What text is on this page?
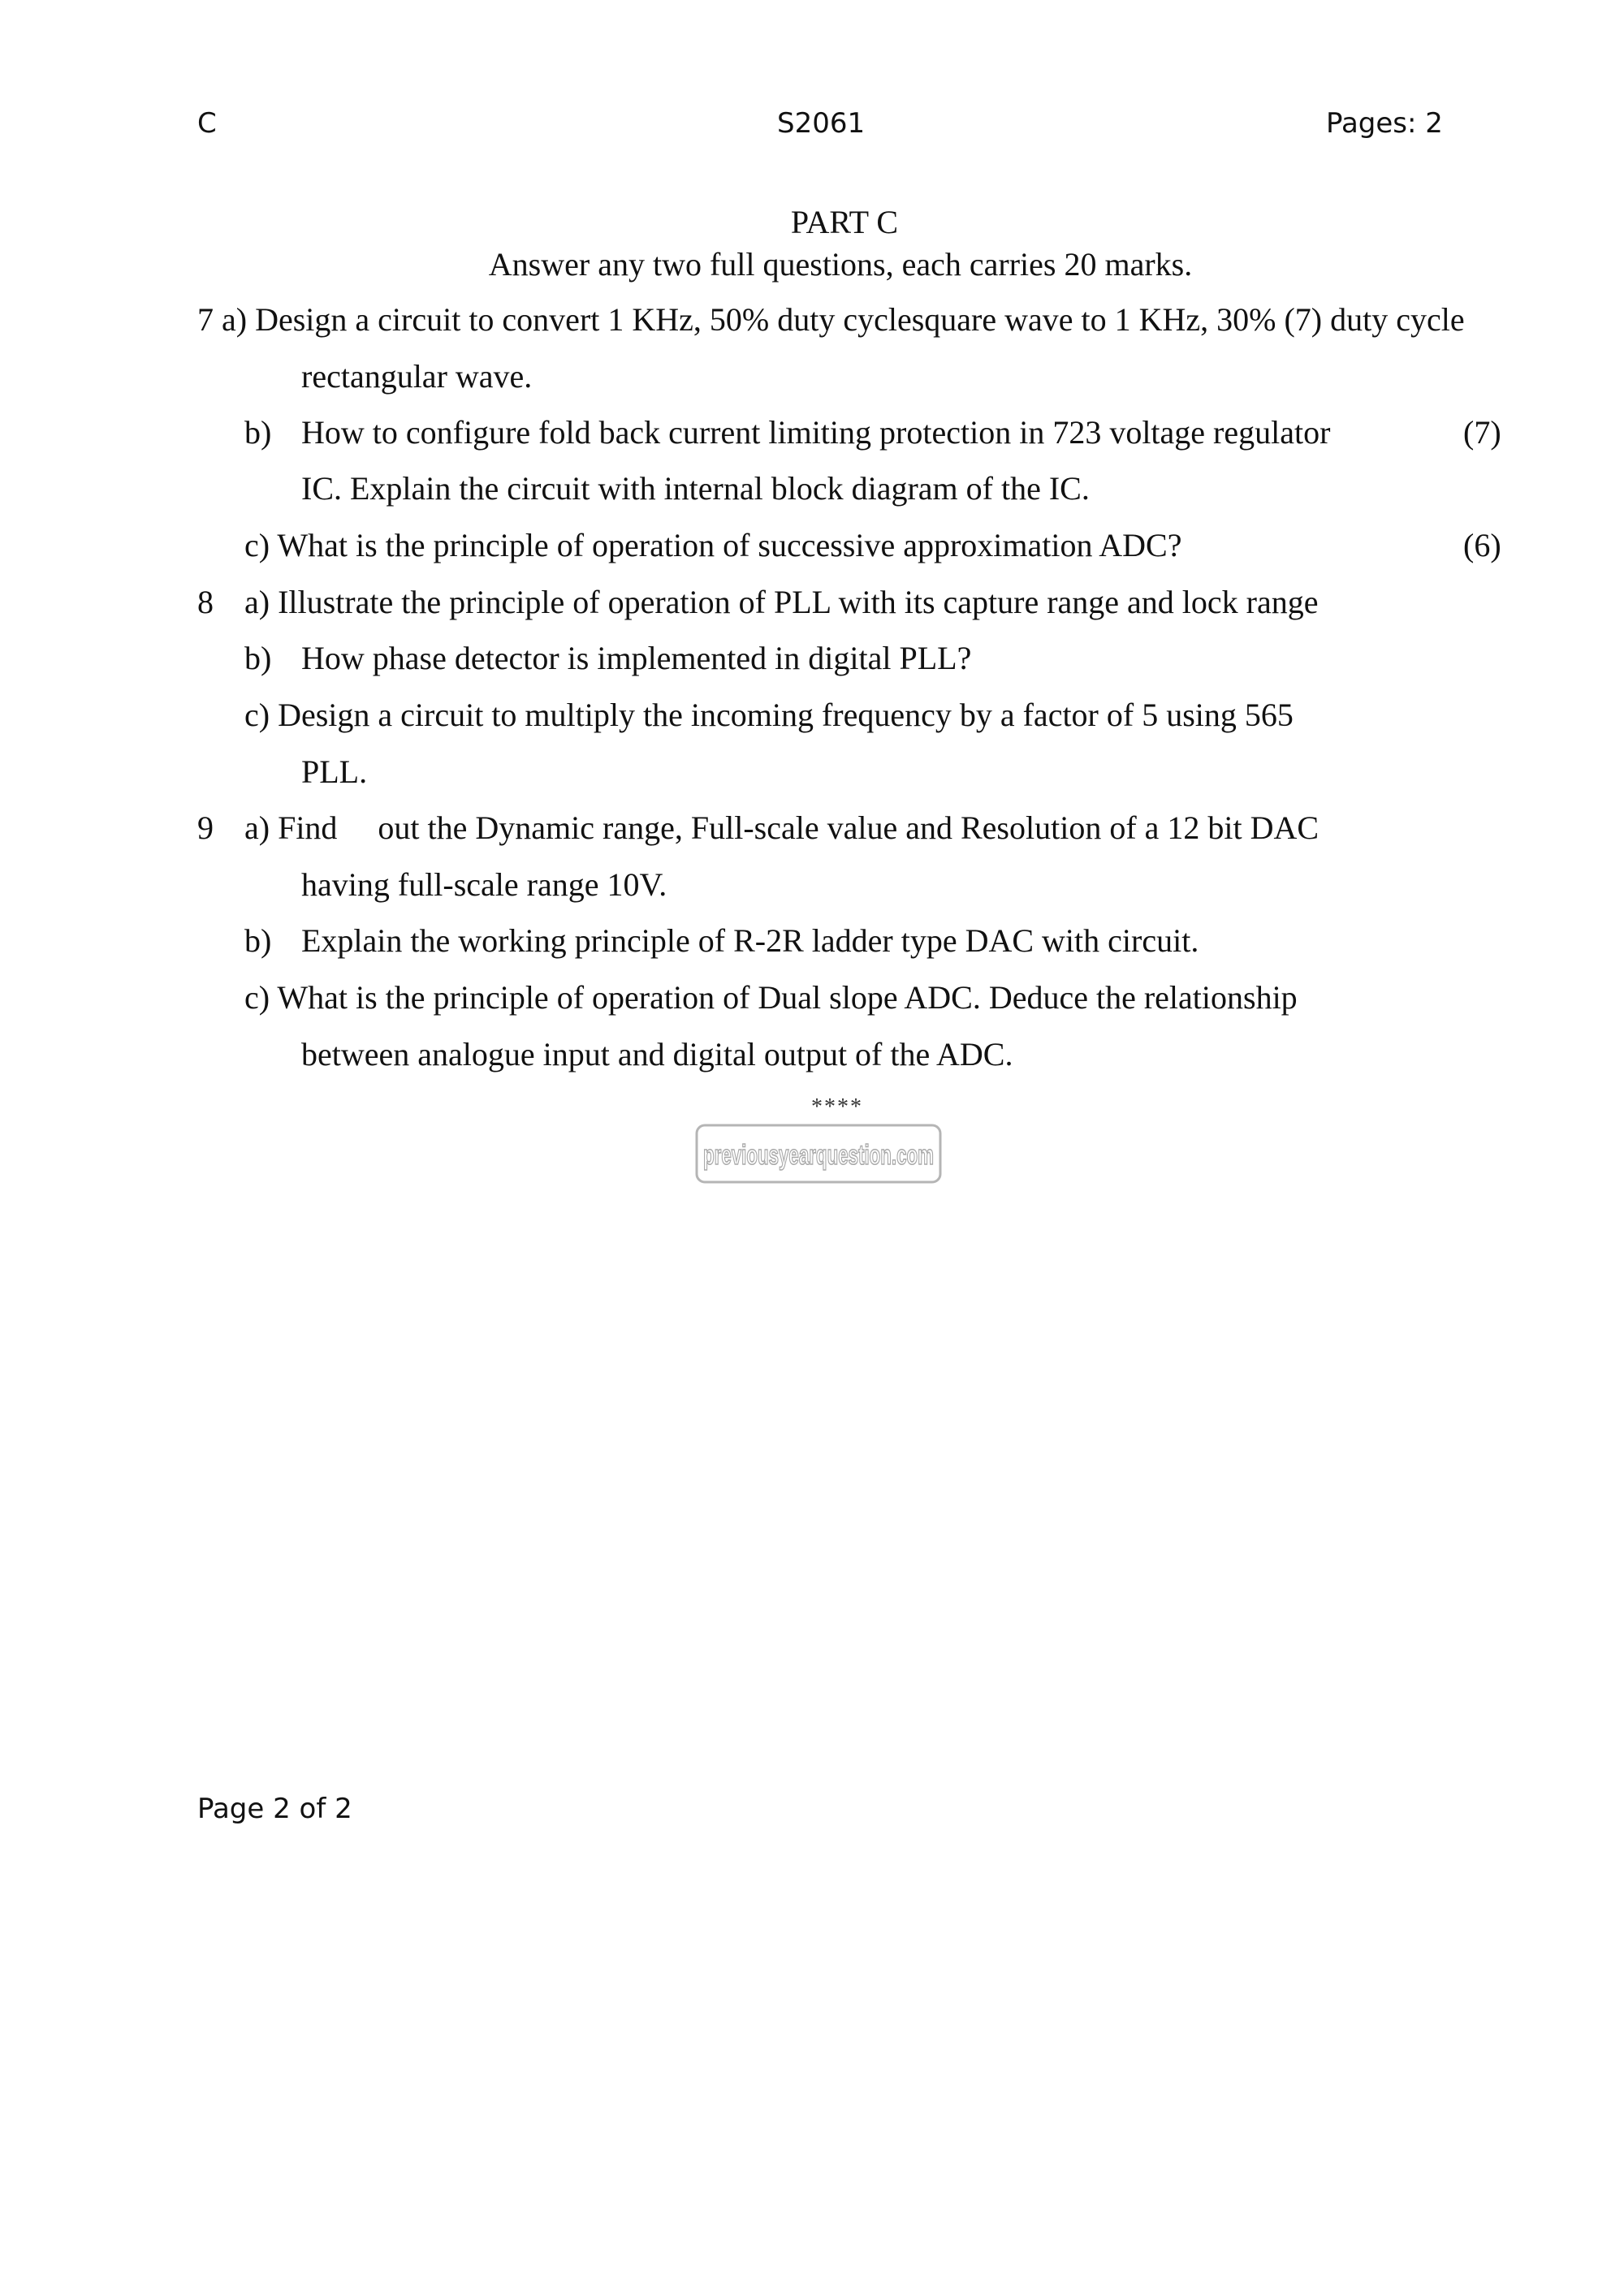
C	S2061	Pages: 2
PART C
Answer any two full questions, each carries 20 marks.
7 a) Design a circuit to convert 1 KHz, 50% duty cyclesquare wave to 1 KHz, 30% (7) duty cycle
rectangular wave.
b) How to configure fold back current limiting protection in 723 voltage regulator	(7)
IC. Explain the circuit with internal block diagram of the IC.
c) What is the principle of operation of successive approximation ADC?	(6)
8 a) Illustrate the principle of operation of PLL with its capture range and lock range
b) How phase detector is implemented in digital PLL?
c) Design a circuit to multiply the incoming frequency by a factor of 5 using 565
PLL.
9 a) Find     out the Dynamic range, Full-scale value and Resolution of a 12 bit DAC
having full-scale range 10V.
b) Explain the working principle of R-2R ladder type DAC with circuit.
c) What is the principle of operation of Dual slope ADC. Deduce the relationship
between analogue input and digital output of the ADC.
****
previousyearquestion.com
Page 2 of 2
